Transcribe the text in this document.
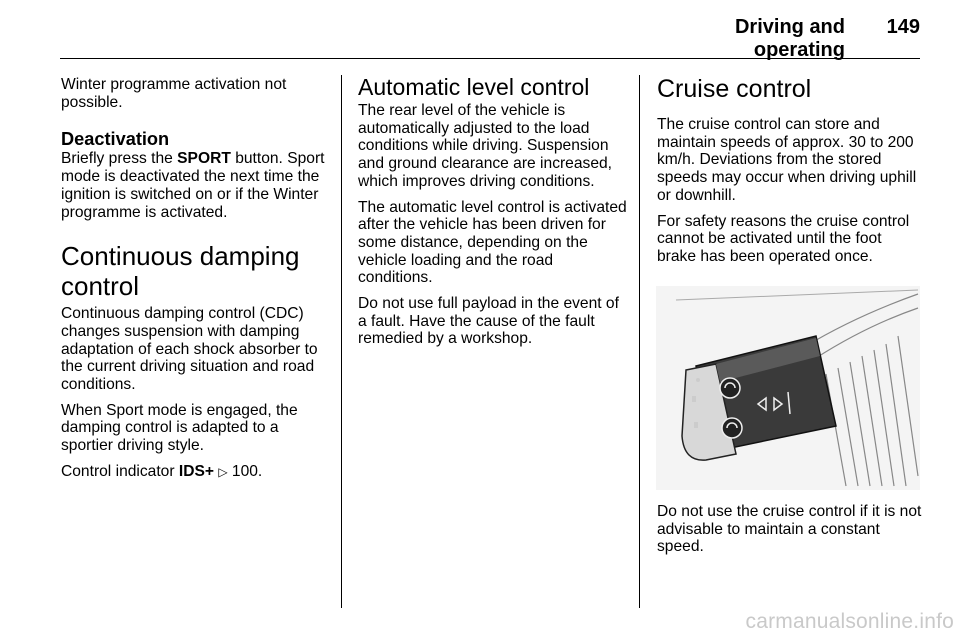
Driving and operating
149

Winter programme activation not possible.

Deactivation

Briefly press the SPORT button. Sport mode is deactivated the next time the ignition is switched on or if the Winter programme is activated.

Continuous damping
control

Continuous damping control (CDC) changes suspension with damping adaptation of each shock absorber to the current driving situation and road conditions.

When Sport mode is engaged, the damping control is adapted to a sportier driving style.

Control indicator IDS+ ▷ 100.

Automatic level control

The rear level of the vehicle is automatically adjusted to the load conditions while driving. Suspension and ground clearance are increased, which improves driving conditions.

The automatic level control is activated after the vehicle has been driven for some distance, depending on the vehicle loading and the road conditions.

Do not use full payload in the event of a fault. Have the cause of the fault remedied by a workshop.

Cruise control

The cruise control can store and maintain speeds of approx. 30 to 200 km/h. Deviations from the stored speeds may occur when driving uphill or downhill.

For safety reasons the cruise control cannot be activated until the foot brake has been operated once.

Do not use the cruise control if it is not advisable to maintain a constant speed.

carmanualsonline.info
